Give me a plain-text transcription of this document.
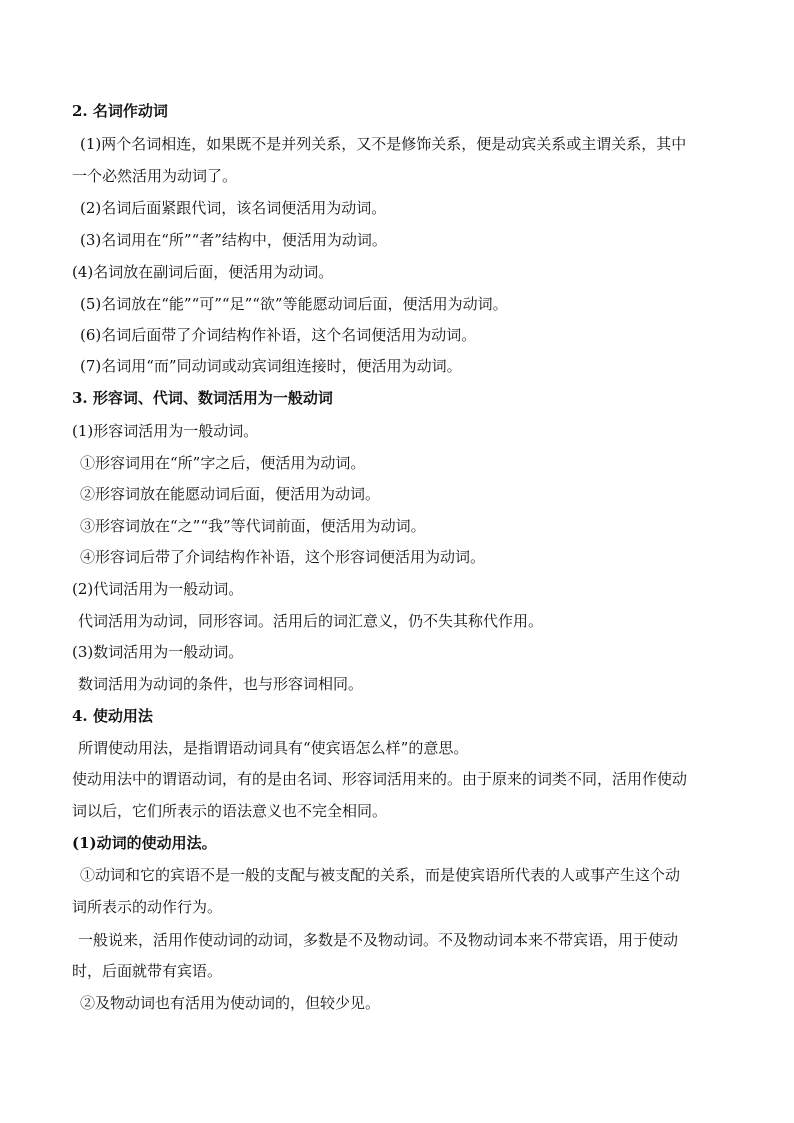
2. 名词作动词
(1)两个名词相连，如果既不是并列关系，又不是修饰关系，便是动宾关系或主谓关系，其中
一个必然活用为动词了。
(2)名词后面紧跟代词，该名词便活用为动词。
(3)名词用在“所”“者”结构中，便活用为动词。
(4)名词放在副词后面，便活用为动词。
(5)名词放在“能”“可”“足”“欲”等能愿动词后面，便活用为动词。
(6)名词后面带了介词结构作补语，这个名词便活用为动词。
(7)名词用“而”同动词或动宾词组连接时，便活用为动词。
3. 形容词、代词、数词活用为一般动词
(1)形容词活用为一般动词。
①形容词用在“所”字之后，便活用为动词。
②形容词放在能愿动词后面，便活用为动词。
③形容词放在“之”“我”等代词前面，便活用为动词。
④形容词后带了介词结构作补语，这个形容词便活用为动词。
(2)代词活用为一般动词。
代词活用为动词，同形容词。活用后的词汇意义，仍不失其称代作用。
(3)数词活用为一般动词。
数词活用为动词的条件，也与形容词相同。
4. 使动用法
所谓使动用法，是指谓语动词具有“使宾语怎么样”的意思。
使动用法中的谓语动词，有的是由名词、形容词活用来的。由于原来的词类不同，活用作使动
词以后，它们所表示的语法意义也不完全相同。
(1)动词的使动用法。
①动词和它的宾语不是一般的支配与被支配的关系，而是使宾语所代表的人或事产生这个动
词所表示的动作行为。
一般说来，活用作使动词的动词，多数是不及物动词。不及物动词本来不带宾语，用于使动
时，后面就带有宾语。
②及物动词也有活用为使动词的，但较少见。
